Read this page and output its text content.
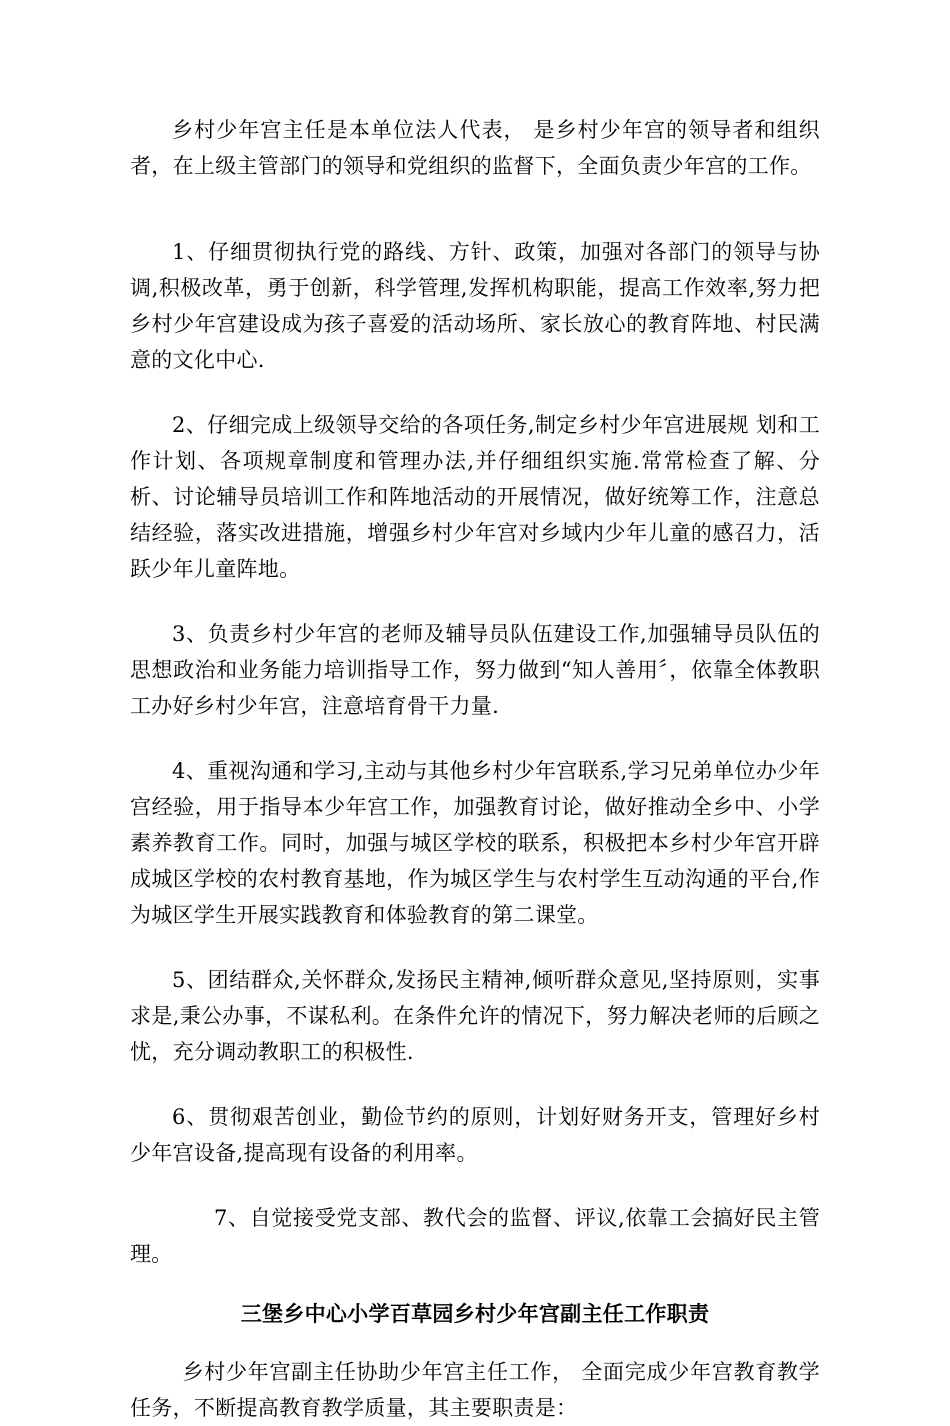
乡村少年宫主任是本单位法人代表， 是乡村少年宫的领导者和组织者，在上级主管部门的领导和党组织的监督下，全面负责少年宫的工作。

1、仔细贯彻执行党的路线、方针、政策，加强对各部门的领导与协调,积极改革，勇于创新，科学管理,发挥机构职能，提高工作效率,努力把乡村少年宫建设成为孩子喜爱的活动场所、家长放心的教育阵地、村民满意的文化中心.

2、仔细完成上级领导交给的各项任务,制定乡村少年宫进展规 划和工作计划、各项规章制度和管理办法,并仔细组织实施.常常检查了解、分析、讨论辅导员培训工作和阵地活动的开展情况，做好统筹工作，注意总结经验，落实改进措施，增强乡村少年宫对乡域内少年儿童的感召力，活跃少年儿童阵地。

3、负责乡村少年宫的老师及辅导员队伍建设工作,加强辅导员队伍的思想政治和业务能力培训指导工作，努力做到“知人善用〞，依靠全体教职工办好乡村少年宫，注意培育骨干力量.

4、重视沟通和学习,主动与其他乡村少年宫联系,学习兄弟单位办少年宫经验，用于指导本少年宫工作，加强教育讨论，做好推动全乡中、小学素养教育工作。同时，加强与城区学校的联系，积极把本乡村少年宫开辟成城区学校的农村教育基地，作为城区学生与农村学生互动沟通的平台,作为城区学生开展实践教育和体验教育的第二课堂。

5、团结群众,关怀群众,发扬民主精神,倾听群众意见,坚持原则，实事求是,秉公办事，不谋私利。在条件允许的情况下，努力解决老师的后顾之忧，充分调动教职工的积极性.

6、贯彻艰苦创业，勤俭节约的原则，计划好财务开支，管理好乡村少年宫设备,提高现有设备的利用率。

7、自觉接受党支部、教代会的监督、评议,依靠工会搞好民主管理。

三堡乡中心小学百草园乡村少年宫副主任工作职责

乡村少年宫副主任协助少年宫主任工作， 全面完成少年宫教育教学任务，不断提高教育教学质量，其主要职责是：
